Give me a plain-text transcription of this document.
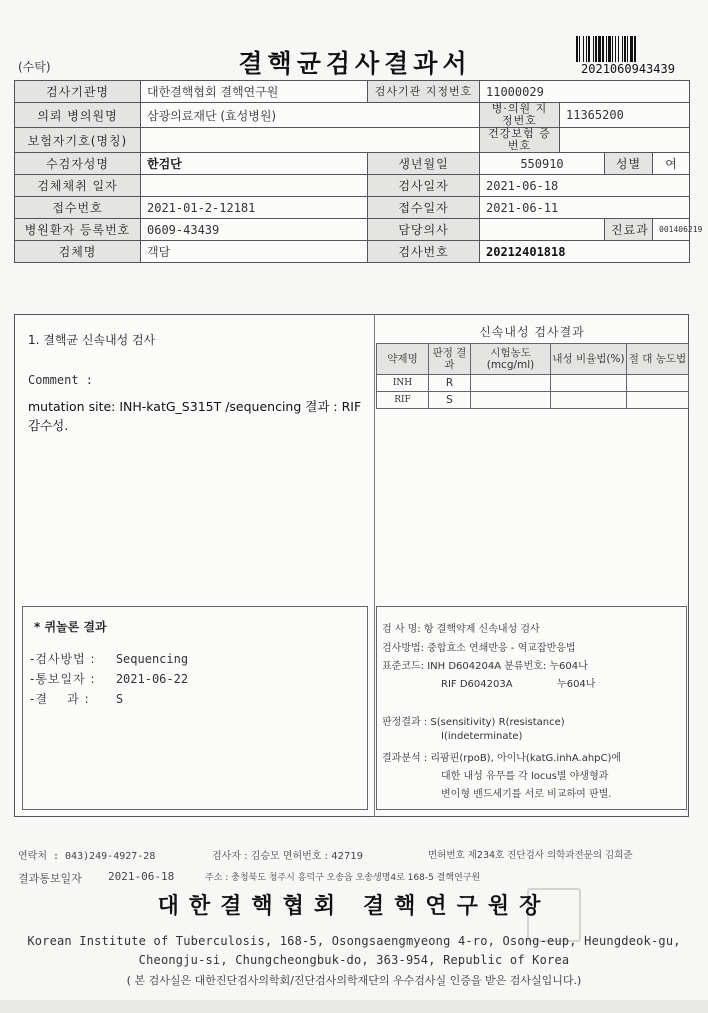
(수탁)	결핵균검사결과서	2021060943439
검사기관명	대한결핵협회 결핵연구원	검사기관 지정번호	11000029			
의뢰 병의원명	삼광의료재단 (효성병원)		병·의원 지정번호	11365200		
보험자기호(명칭)			건강보험 증번호			
수검자성명	한검단	생년월일	550910		성별	여
검체채취 일자		검사일자	2021-06-18			
접수번호	2021-01-2-12181	접수일자	2021-06-11			
병원환자 등록번호	0609-43439	담당의사			진료과	001406219
검체명	객담	검사번호	20212401818			
1. 결핵균 신속내성 검사
Comment :
mutation site: INH-katG_S315T /sequencing 결과 : RIF 감수성.
신속내성 검사결과
약제명	판정 결과	시험농도 (mcg/ml)	내성 비율법(%)	절 대 농도법
INH	R			
RIF	S			
* 퀴놀론 결과
-검사방법 : Sequencing
-통보일자 : 2021-06-22
-결    과 : S
검 사 명: 항 결핵약제 신속내성 검사
검사방법: 중합효소 연쇄반응 - 역교잡반응법
표준코드: INH D604204A 분류번호: 누604나
RIF D604203A              누604나
판정결과 : S(sensitivity) R(resistance)
I(indeterminate)
결과분석 : 리팜핀(rpoB), 아이나(katG.inhA.ahpC)에
대한 내성 유무를 각 locus별 야생형과
변이형 밴드세기를 서로 비교하여 판별.
연락처 : 043)249-4927-28	검사자 : 김승모 면허번호 : 42719	면허번호 제234호 진단검사 의학과전문의 김희준
결과통보일자 2021-06-18	주소 : 충청북도 청주시 흥덕구 오송읍 오송생명4로 168-5 결핵연구원
대한결핵협회 결핵연구원장
Korean Institute of Tuberculosis, 168-5, Osongsaengmyeong 4-ro, Osong-eup, Heungdeok-gu,
Cheongju-si, Chungcheongbuk-do, 363-954, Republic of Korea
( 본 검사실은 대한진단검사의학회/진단검사의학재단의 우수검사실 인증을 받은 검사실입니다.)
